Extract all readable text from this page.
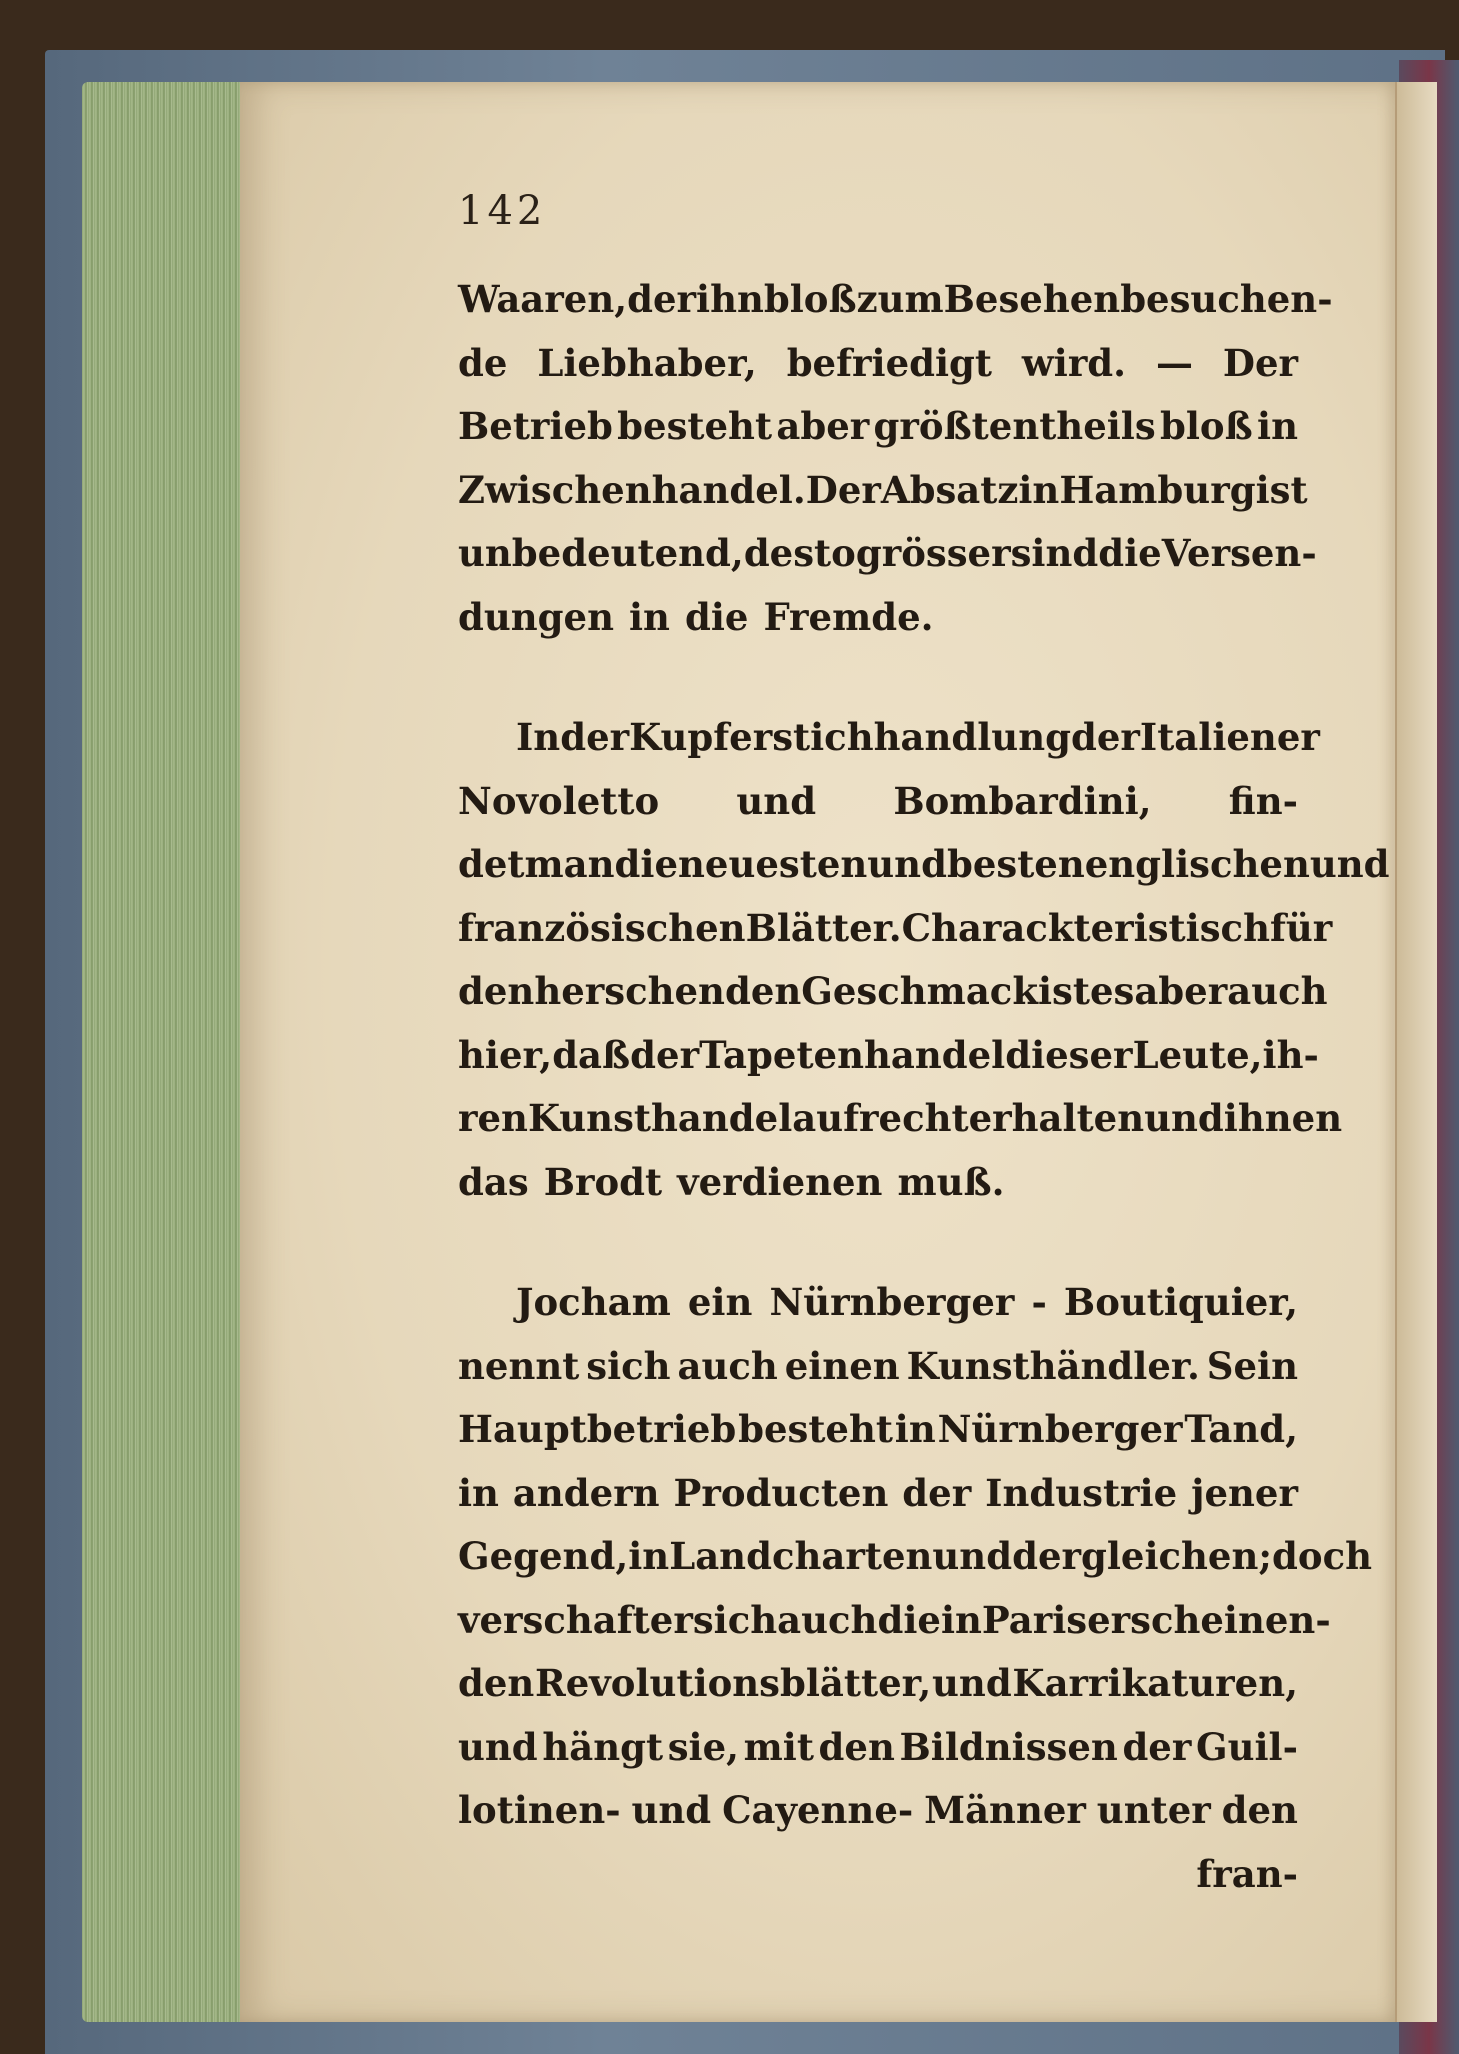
142
Waaren, der ihn bloß zum Besehen besuchen-
de Liebhaber, befriedigt wird. — Der
Betrieb besteht aber größtentheils bloß in
Zwischenhandel. Der Absatz in Hamburg ist
unbedeutend, desto grösser sind die Versen-
dungen in die Fremde.
In der Kupferstichhandlung der Italiener
Novoletto und Bombardini, fin-
det man die neuesten und besten englischen und
französischen Blätter. Charackteristisch für
den herschenden Geschmack ist es aber auch
hier, daß der Tapetenhandel dieser Leute, ih-
ren Kunsthandel aufrecht erhalten und ihnen
das Brodt verdienen muß.
Jocham ein Nürnberger - Boutiquier,
nennt sich auch einen Kunsthändler. Sein
Hauptbetrieb besteht in Nürnberger Tand,
in andern Producten der Industrie jener
Gegend, in Landcharten und dergleichen; doch
verschaft er sich auch die in Paris erscheinen-
den Revolutionsblätter, und Karrikaturen,
und hängt sie, mit den Bildnissen der Guil-
lotinen- und Cayenne- Männer unter den
fran-
